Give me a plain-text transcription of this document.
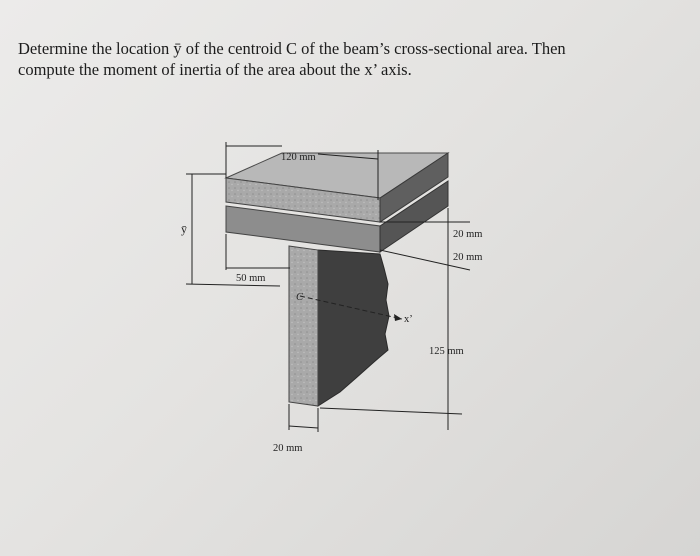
Determine the location ȳ of the centroid C of the beam’s cross-sectional area. Then

compute the moment of inertia of the area about the x’ axis.

120 mm
20 mm
20 mm
125 mm
50 mm
20 mm
ȳ
x’
C
